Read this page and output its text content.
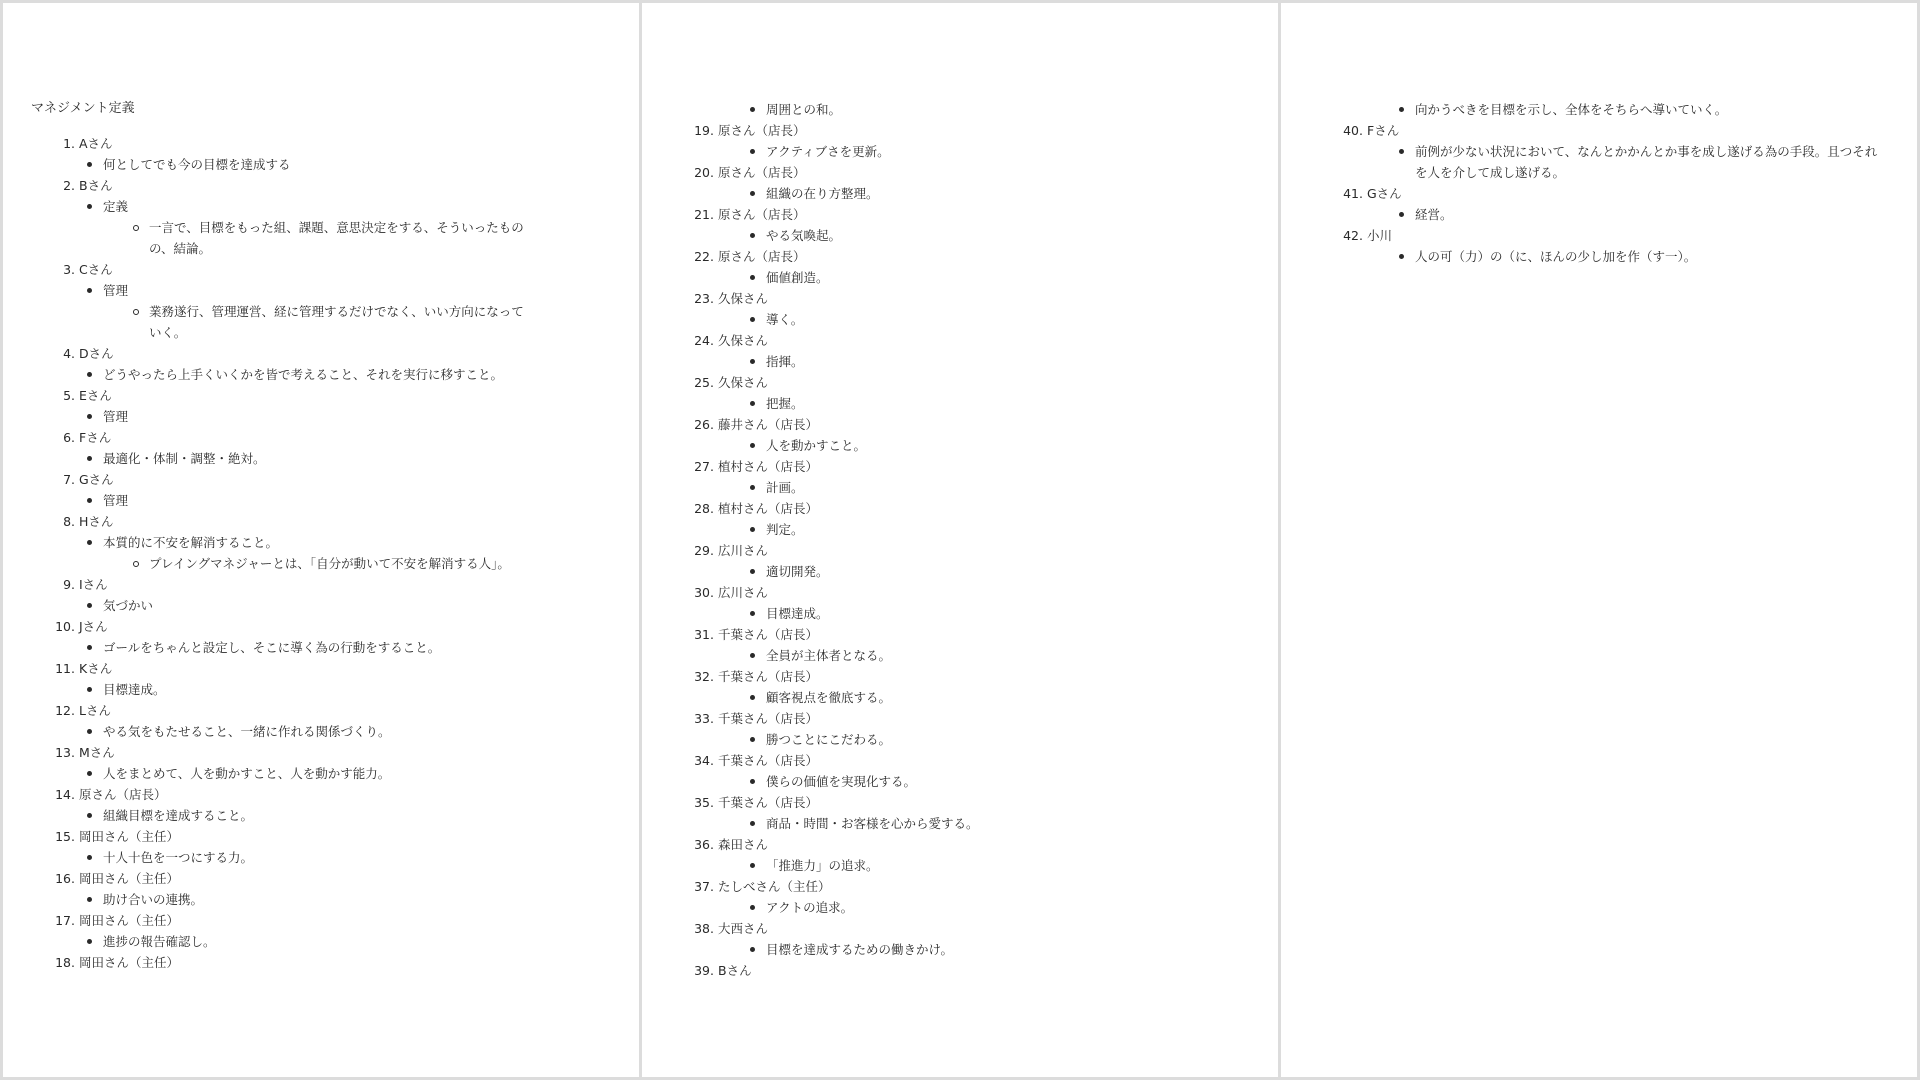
マネジメント定義
1. Aさん
何としてでも今の目標を達成する
2. Bさん
定義
一言で、目標をもった組、課題、意思決定をする、そういったものの、結論。
3. Cさん
管理
業務遂行、管理運営、経に管理するだけでなく、いい方向になっていく。
4. Dさん
どうやったら上手くいくかを皆で考えること、それを実行に移すこと。
5. Eさん
管理
6. Fさん
最適化・体制・調整・絶対。
7. Gさん
管理
8. Hさん
本質的に不安を解消すること。
プレイングマネジャーとは、「自分が動いて不安を解消する人」。
9. Iさん
気づかい
10. Jさん
ゴールをちゃんと設定し、そこに導く為の行動をすること。
11. Kさん
目標達成。
12. Lさん
やる気をもたせること、一緒に作れる関係づくり。
13. Mさん
人をまとめて、人を動かすこと、人を動かす能力。
14. 原さん（店長）
組織目標を達成すること。
15. 岡田さん（主任）
十人十色を一つにする力。
16. 岡田さん（主任）
助け合いの連携。
17. 岡田さん（主任）
進捗の報告確認し。
18. 岡田さん（主任）
周囲との和。
19. 原さん（店長）
アクティブさを更新。
20. 原さん（店長）
組織の在り方整理。
21. 原さん（店長）
やる気喚起。
22. 原さん（店長）
価値創造。
23. 久保さん
導く。
24. 久保さん
指揮。
25. 久保さん
把握。
26. 藤井さん（店長）
人を動かすこと。
27. 植村さん（店長）
計画。
28. 植村さん（店長）
判定。
29. 広川さん
適切開発。
30. 広川さん
目標達成。
31. 千葉さん（店長）
全員が主体者となる。
32. 千葉さん（店長）
顧客視点を徹底する。
33. 千葉さん（店長）
勝つことにこだわる。
34. 千葉さん（店長）
僕らの価値を実現化する。
35. 千葉さん（店長）
商品・時間・お客様を心から愛する。
36. 森田さん
「推進力」の追求。
37. たしべさん（主任）
アクトの追求。
38. 大西さん
目標を達成するための働きかけ。
39. Bさん
向かうべきを目標を示し、全体をそちらへ導いていく。
40. Fさん
前例が少ない状況において、なんとかかんとか事を成し遂げる為の手段。且つそれを人を介して成し遂げる。
41. Gさん
経営。
42. 小川
人の可（力）の（に、ほんの少し加を作（す一）。
